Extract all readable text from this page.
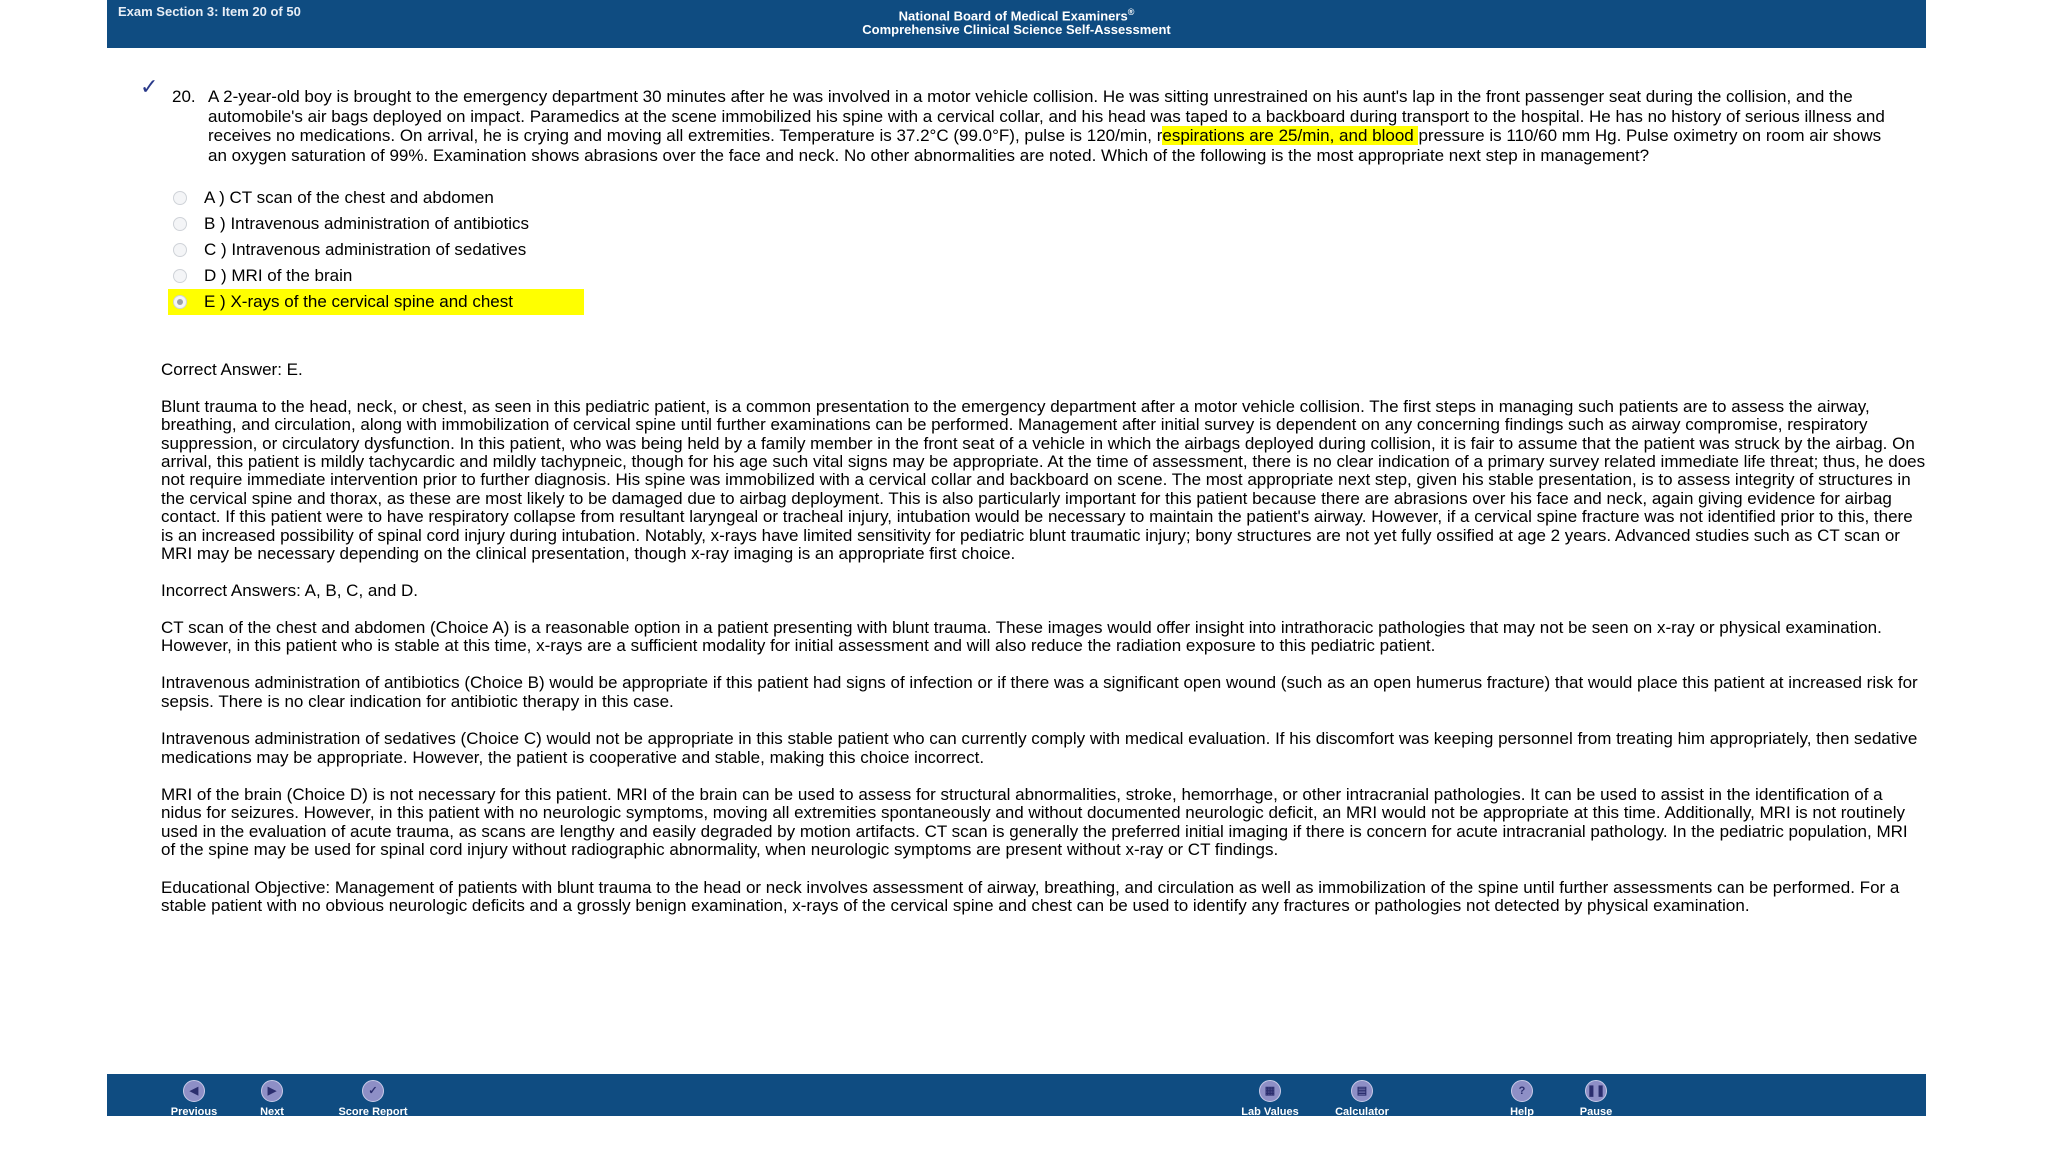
Exam Section 3: Item 20 of 50	National Board of Medical Examiners®
Comprehensive Clinical Science Self-Assessment
✓ 20. A 2-year-old boy is brought to the emergency department 30 minutes after he was involved in a motor vehicle collision. He was sitting unrestrained on his aunt's lap in the front passenger seat during the collision, and the automobile's air bags deployed on impact. Paramedics at the scene immobilized his spine with a cervical collar, and his head was taped to a backboard during transport to the hospital. He has no history of serious illness and receives no medications. On arrival, he is crying and moving all extremities. Temperature is 37.2°C (99.0°F), pulse is 120/min, respirations are 25/min, and blood pressure is 110/60 mm Hg. Pulse oximetry on room air shows an oxygen saturation of 99%. Examination shows abrasions over the face and neck. No other abnormalities are noted. Which of the following is the most appropriate next step in management?
A ) CT scan of the chest and abdomen
B ) Intravenous administration of antibiotics
C ) Intravenous administration of sedatives
D ) MRI of the brain
E ) X-rays of the cervical spine and chest

Correct Answer: E.

Blunt trauma to the head, neck, or chest, as seen in this pediatric patient, is a common presentation to the emergency department after a motor vehicle collision. The first steps in managing such patients are to assess the airway, breathing, and circulation, along with immobilization of cervical spine until further examinations can be performed. Management after initial survey is dependent on any concerning findings such as airway compromise, respiratory suppression, or circulatory dysfunction. In this patient, who was being held by a family member in the front seat of a vehicle in which the airbags deployed during collision, it is fair to assume that the patient was struck by the airbag. On arrival, this patient is mildly tachycardic and mildly tachypneic, though for his age such vital signs may be appropriate. At the time of assessment, there is no clear indication of a primary survey related immediate life threat; thus, he does not require immediate intervention prior to further diagnosis. His spine was immobilized with a cervical collar and backboard on scene. The most appropriate next step, given his stable presentation, is to assess integrity of structures in the cervical spine and thorax, as these are most likely to be damaged due to airbag deployment. This is also particularly important for this patient because there are abrasions over his face and neck, again giving evidence for airbag contact. If this patient were to have respiratory collapse from resultant laryngeal or tracheal injury, intubation would be necessary to maintain the patient's airway. However, if a cervical spine fracture was not identified prior to this, there is an increased possibility of spinal cord injury during intubation. Notably, x-rays have limited sensitivity for pediatric blunt traumatic injury; bony structures are not yet fully ossified at age 2 years. Advanced studies such as CT scan or MRI may be necessary depending on the clinical presentation, though x-ray imaging is an appropriate first choice.

Incorrect Answers: A, B, C, and D.

CT scan of the chest and abdomen (Choice A) is a reasonable option in a patient presenting with blunt trauma. These images would offer insight into intrathoracic pathologies that may not be seen on x-ray or physical examination. However, in this patient who is stable at this time, x-rays are a sufficient modality for initial assessment and will also reduce the radiation exposure to this pediatric patient.

Intravenous administration of antibiotics (Choice B) would be appropriate if this patient had signs of infection or if there was a significant open wound (such as an open humerus fracture) that would place this patient at increased risk for sepsis. There is no clear indication for antibiotic therapy in this case.

Intravenous administration of sedatives (Choice C) would not be appropriate in this stable patient who can currently comply with medical evaluation. If his discomfort was keeping personnel from treating him appropriately, then sedative medications may be appropriate. However, the patient is cooperative and stable, making this choice incorrect.

MRI of the brain (Choice D) is not necessary for this patient. MRI of the brain can be used to assess for structural abnormalities, stroke, hemorrhage, or other intracranial pathologies. It can be used to assist in the identification of a nidus for seizures. However, in this patient with no neurologic symptoms, moving all extremities spontaneously and without documented neurologic deficit, an MRI would not be appropriate at this time. Additionally, MRI is not routinely used in the evaluation of acute trauma, as scans are lengthy and easily degraded by motion artifacts. CT scan is generally the preferred initial imaging if there is concern for acute intracranial pathology. In the pediatric population, MRI of the spine may be used for spinal cord injury without radiographic abnormality, when neurologic symptoms are present without x-ray or CT findings.

Educational Objective: Management of patients with blunt trauma to the head or neck involves assessment of airway, breathing, and circulation as well as immobilization of the spine until further assessments can be performed. For a stable patient with no obvious neurologic deficits and a grossly benign examination, x-rays of the cervical spine and chest can be used to identify any fractures or pathologies not detected by physical examination.

◀
Previous
▶
Next
✓
Score Report
▦
Lab Values
▤
Calculator
?
Help
❚❚
Pause
